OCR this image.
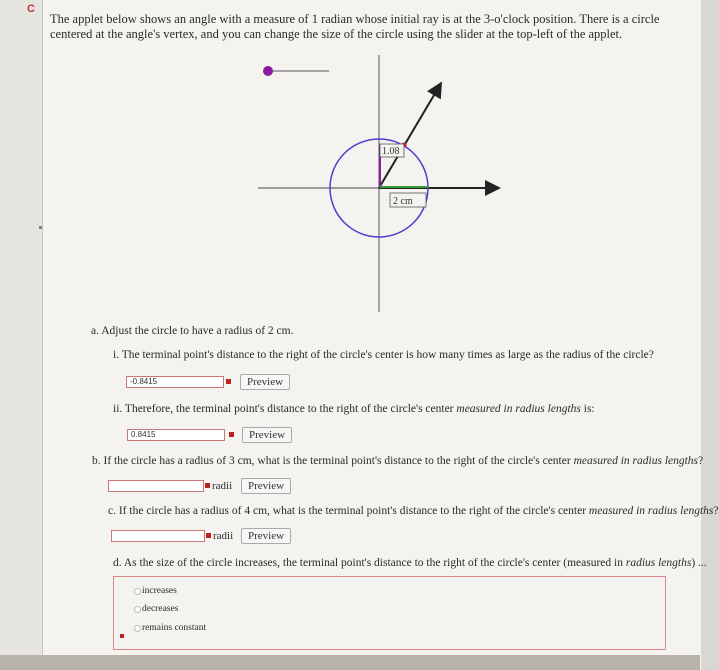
C
The applet below shows an angle with a measure of 1 radian whose initial ray is at the 3-o'clock position. There is a circle centered at the angle's vertex, and you can change the size of the circle using the slider at the top-left of the applet.
1.08
2 cm
a. Adjust the circle to have a radius of 2 cm.
i. The terminal point's distance to the right of the circle's center is how many times as large as the radius of the circle?
-0.8415	Preview
ii. Therefore, the terminal point's distance to the right of the circle's center measured in radius lengths is:
0.8415	Preview
b. If the circle has a radius of 3 cm, what is the terminal point's distance to the right of the circle's center measured in radius lengths?
radii	Preview
c. If the circle has a radius of 4 cm, what is the terminal point's distance to the right of the circle's center measured in radius lengths?
radii	Preview
d. As the size of the circle increases, the terminal point's distance to the right of the circle's center (measured in radius lengths) ...
increases
decreases
remains constant
